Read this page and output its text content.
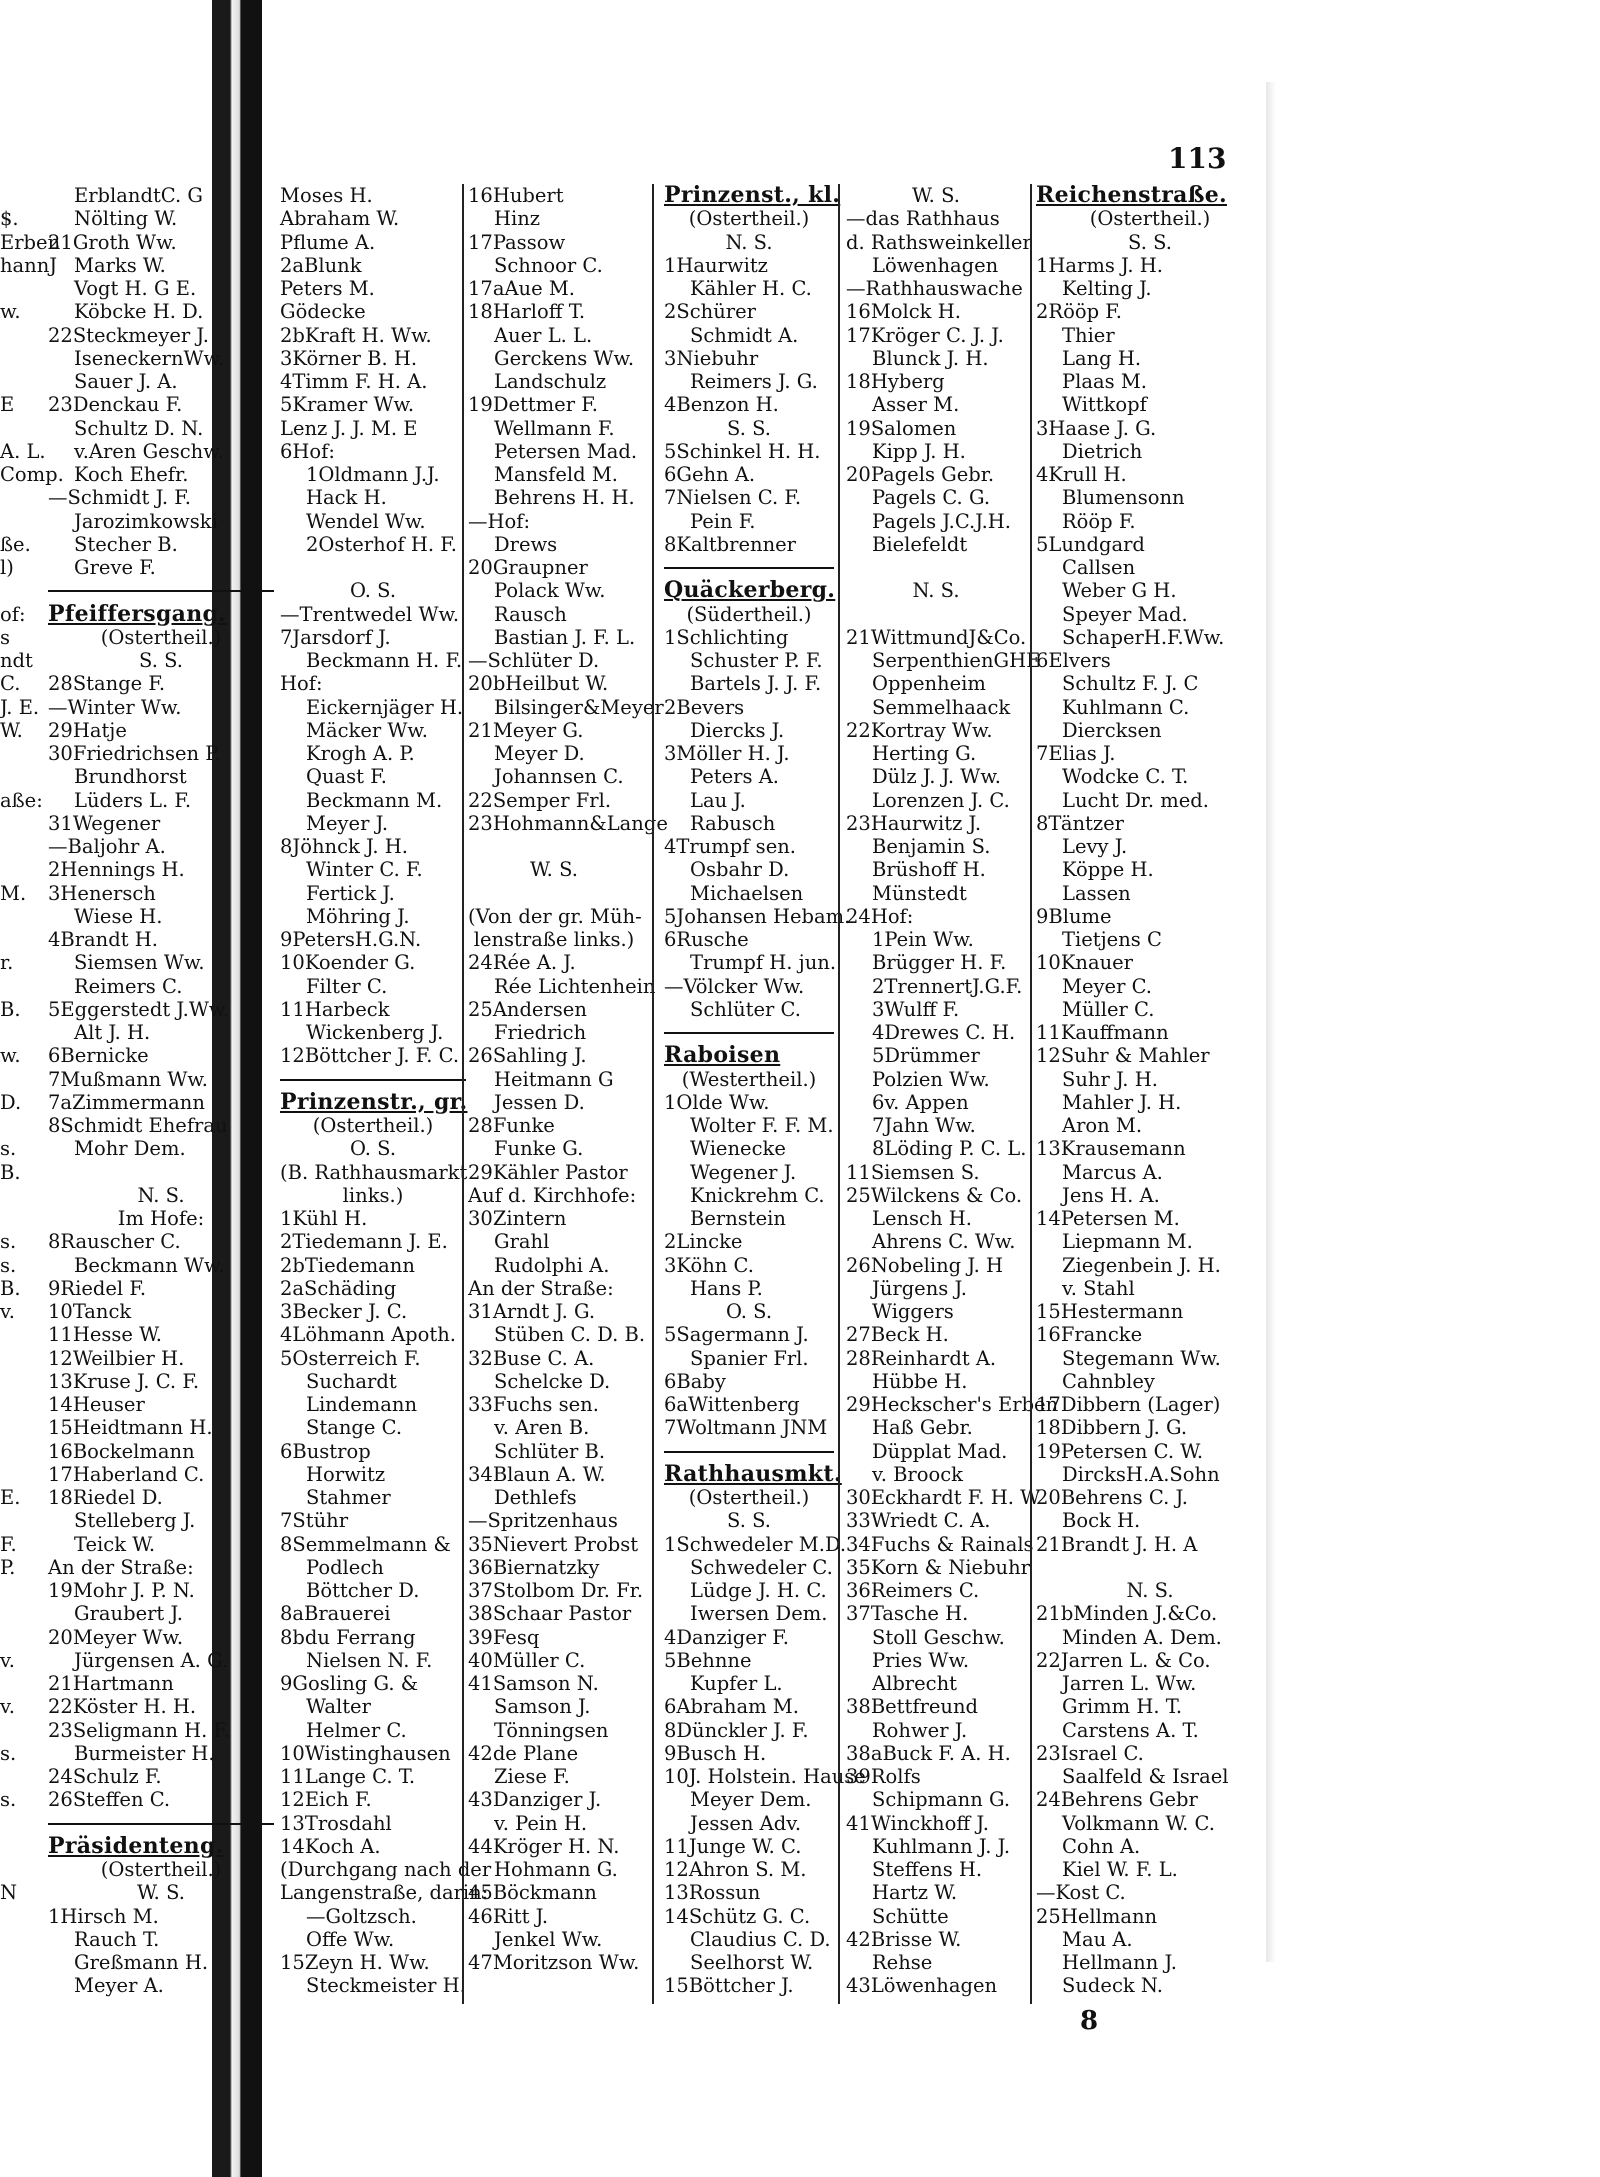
113
$.
Erben
hannJ
w.
E
A. L.
Comp.
ße.
l)
of:
s
ndt
C.
J. E.
W.
aße:
M.
r.
B.
w.
D.
s.
B.
s.
s.
B.
v.
E.
F.
P.
v.
v.
s.
s.
N
ErblandtC. G
Nölting W.
21Groth Ww.
Marks W.
Vogt H. G E.
Köbcke H. D.
22Steckmeyer J.
IseneckernWw.
Sauer J. A.
23Denckau F.
Schultz D. N.
v.Aren Geschw.
Koch Ehefr.
—Schmidt J. F.
Jarozimkowski
Stecher B.
Greve F.
Pfeiffersgang.
(Ostertheil.)
S. S.
28Stange F.
—Winter Ww.
29Hatje
30Friedrichsen P.
Brundhorst
Lüders L. F.
31Wegener
—Baljohr A.
2Hennings H.
3Henersch
Wiese H.
4Brandt H.
Siemsen Ww.
Reimers C.
5Eggerstedt J.Ww.
Alt J. H.
6Bernicke
7Mußmann Ww.
7aZimmermann
8Schmidt Ehefrau
Mohr Dem.
N. S.
Im Hofe:
8Rauscher C.
Beckmann Ww.
9Riedel F.
10Tanck
11Hesse W.
12Weilbier H.
13Kruse J. C. F.
14Heuser
15Heidtmann H.
16Bockelmann
17Haberland C.
18Riedel D.
Stelleberg J.
Teick W.
An der Straße:
19Mohr J. P. N.
Graubert J.
20Meyer Ww.
Jürgensen A. G.
21Hartmann
22Köster H. H.
23Seligmann H. F.
Burmeister H.
24Schulz F.
26Steffen C.
Präsidenteng.
(Ostertheil.)
W. S.
1Hirsch M.
Rauch T.
Greßmann H.
Meyer A.
Moses H.
Abraham W.
Pflume A.
2aBlunk
Peters M.
Gödecke
2bKraft H. Ww.
3Körner B. H.
4Timm F. H. A.
5Kramer Ww.
Lenz J. J. M. E
6Hof:
1Oldmann J.J.
Hack H.
Wendel Ww.
2Osterhof H. F.
O. S.
—Trentwedel Ww.
7Jarsdorf J.
Beckmann H. F.
Hof:
Eickernjäger H.
Mäcker Ww.
Krogh A. P.
Quast F.
Beckmann M.
Meyer J.
8Jöhnck J. H.
Winter C. F.
Fertick J.
Möhring J.
9PetersH.G.N.
10Koender G.
Filter C.
11Harbeck
Wickenberg J.
12Böttcher J. F. C.
Prinzenstr., gr.
(Ostertheil.)
O. S.
(B. Rathhausmarkt
links.)
1Kühl H.
2Tiedemann J. E.
2bTiedemann
2aSchäding
3Becker J. C.
4Löhmann Apoth.
5Osterreich F.
Suchardt
Lindemann
Stange C.
6Bustrop
Horwitz
Stahmer
7Stühr
8Semmelmann &
Podlech
Böttcher D.
8aBrauerei
8bdu Ferrang
Nielsen N. F.
9Gosling G. &
Walter
Helmer C.
10Wistinghausen
11Lange C. T.
12Eich F.
13Trosdahl
14Koch A.
(Durchgang nach der
Langenstraße, darin:
—Goltzsch.
Offe Ww.
15Zeyn H. Ww.
Steckmeister H.
16Hubert
Hinz
17Passow
Schnoor C.
17aAue M.
18Harloff T.
Auer L. L.
Gerckens Ww.
Landschulz
19Dettmer F.
Wellmann F.
Petersen Mad.
Mansfeld M.
Behrens H. H.
—Hof:
Drews
20Graupner
Polack Ww.
Rausch
Bastian J. F. L.
—Schlüter D.
20bHeilbut W.
Bilsinger&Meyer
21Meyer G.
Meyer D.
Johannsen C.
22Semper Frl.
23Hohmann&Lange
W. S.
(Von der gr. Müh-
lenstraße links.)
24Rée A. J.
Rée Lichtenhein
25Andersen
Friedrich
26Sahling J.
Heitmann G
Jessen D.
28Funke
Funke G.
29Kähler Pastor
Auf d. Kirchhofe:
30Zintern
Grahl
Rudolphi A.
An der Straße:
31Arndt J. G.
Stüben C. D. B.
32Buse C. A.
Schelcke D.
33Fuchs sen.
v. Aren B.
Schlüter B.
34Blaun A. W.
Dethlefs
—Spritzenhaus
35Nievert Probst
36Biernatzky
37Stolbom Dr. Fr.
38Schaar Pastor
39Fesq
40Müller C.
41Samson N.
Samson J.
Tönningsen
42de Plane
Ziese F.
43Danziger J.
v. Pein H.
44Kröger H. N.
Hohmann G.
45Böckmann
46Ritt J.
Jenkel Ww.
47Moritzson Ww.
Prinzenst., kl.
(Ostertheil.)
N. S.
1Haurwitz
Kähler H. C.
2Schürer
Schmidt A.
3Niebuhr
Reimers J. G.
4Benzon H.
S. S.
5Schinkel H. H.
6Gehn A.
7Nielsen C. F.
Pein F.
8Kaltbrenner
Quäckerberg.
(Südertheil.)
1Schlichting
Schuster P. F.
Bartels J. J. F.
2Bevers
Diercks J.
3Möller H. J.
Peters A.
Lau J.
Rabusch
4Trumpf sen.
Osbahr D.
Michaelsen
5Johansen Hebam.
6Rusche
Trumpf H. jun.
—Völcker Ww.
Schlüter C.
Raboisen
(Westertheil.)
1Olde Ww.
Wolter F. F. M.
Wienecke
Wegener J.
Knickrehm C.
Bernstein
2Lincke
3Köhn C.
Hans P.
O. S.
5Sagermann J.
Spanier Frl.
6Baby
6aWittenberg
7Woltmann JNM
Rathhausmkt.
(Ostertheil.)
S. S.
1Schwedeler M.D.
Schwedeler C.
Lüdge J. H. C.
Iwersen Dem.
4Danziger F.
5Behnne
Kupfer L.
6Abraham M.
8Dünckler J. F.
9Busch H.
10J. Holstein. Hause
Meyer Dem.
Jessen Adv.
11Junge W. C.
12Ahron S. M.
13Rossun
14Schütz G. C.
Claudius C. D.
Seelhorst W.
15Böttcher J.
W. S.
—das Rathhaus
d. Rathsweinkeller
Löwenhagen
—Rathhauswache
16Molck H.
17Kröger C. J. J.
Blunck J. H.
18Hyberg
Asser M.
19Salomen
Kipp J. H.
20Pagels Gebr.
Pagels C. G.
Pagels J.C.J.H.
Bielefeldt
N. S.
21WittmundJ&Co.
SerpenthienGHE
Oppenheim
Semmelhaack
22Kortray Ww.
Herting G.
Dülz J. J. Ww.
Lorenzen J. C.
23Haurwitz J.
Benjamin S.
Brüshoff H.
Münstedt
24Hof:
1Pein Ww.
Brügger H. F.
2TrennertJ.G.F.
3Wulff F.
4Drewes C. H.
5Drümmer
Polzien Ww.
6v. Appen
7Jahn Ww.
8Löding P. C. L.
11Siemsen S.
25Wilckens & Co.
Lensch H.
Ahrens C. Ww.
26Nobeling J. H
Jürgens J.
Wiggers
27Beck H.
28Reinhardt A.
Hübbe H.
29Heckscher's Erben
Haß Gebr.
Düpplat Mad.
v. Broock
30Eckhardt F. H. W
33Wriedt C. A.
34Fuchs & Rainals
35Korn & Niebuhr
36Reimers C.
37Tasche H.
Stoll Geschw.
Pries Ww.
Albrecht
38Bettfreund
Rohwer J.
38aBuck F. A. H.
39Rolfs
Schipmann G.
41Winckhoff J.
Kuhlmann J. J.
Steffens H.
Hartz W.
Schütte
42Brisse W.
Rehse
43Löwenhagen
Reichenstraße.
(Ostertheil.)
S. S.
1Harms J. H.
Kelting J.
2Rööp F.
Thier
Lang H.
Plaas M.
Wittkopf
3Haase J. G.
Dietrich
4Krull H.
Blumensonn
Rööp F.
5Lundgard
Callsen
Weber G H.
Speyer Mad.
SchaperH.F.Ww.
6Elvers
Schultz F. J. C
Kuhlmann C.
Diercksen
7Elias J.
Wodcke C. T.
Lucht Dr. med.
8Täntzer
Levy J.
Köppe H.
Lassen
9Blume
Tietjens C
10Knauer
Meyer C.
Müller C.
11Kauffmann
12Suhr & Mahler
Suhr J. H.
Mahler J. H.
Aron M.
13Krausemann
Marcus A.
Jens H. A.
14Petersen M.
Liepmann M.
Ziegenbein J. H.
v. Stahl
15Hestermann
16Francke
Stegemann Ww.
Cahnbley
17Dibbern (Lager)
18Dibbern J. G.
19Petersen C. W.
DircksH.A.Sohn
20Behrens C. J.
Bock H.
21Brandt J. H. A
N. S.
21bMinden J.&Co.
Minden A. Dem.
22Jarren L. & Co.
Jarren L. Ww.
Grimm H. T.
Carstens A. T.
23Israel C.
Saalfeld & Israel
24Behrens Gebr
Volkmann W. C.
Cohn A.
Kiel W. F. L.
—Kost C.
25Hellmann
Mau A.
Hellmann J.
Sudeck N.
8
